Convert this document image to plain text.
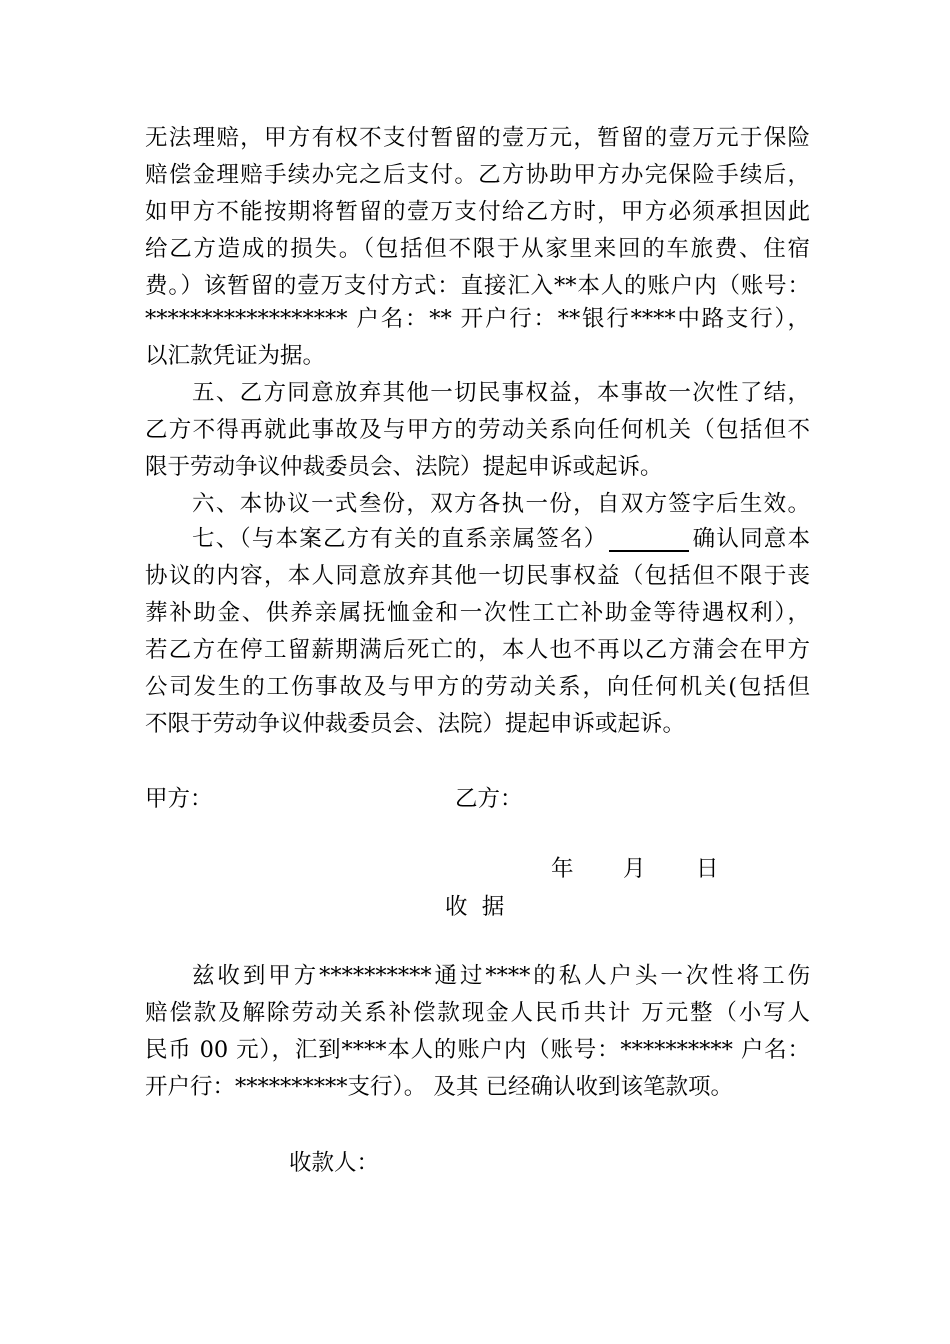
无法理赔，甲方有权不支付暂留的壹万元，暂留的壹万元于保险
赔偿金理赔手续办完之后支付。乙方协助甲方办完保险手续后，
如甲方不能按期将暂留的壹万支付给乙方时，甲方必须承担因此
给乙方造成的损失。（包括但不限于从家里来回的车旅费、住宿
费。）该暂留的壹万支付方式：直接汇入**本人的账户内（账号：
****************** 户名：** 开户行：**银行****中路支行），
以汇款凭证为据。
五、乙方同意放弃其他一切民事权益，本事故一次性了结，
乙方不得再就此事故及与甲方的劳动关系向任何机关（包括但不
限于劳动争议仲裁委员会、法院）提起申诉或起诉。
六、本协议一式叁份，双方各执一份，自双方签字后生效。
七、（与本案乙方有关的直系亲属签名）	确认同意本
协议的内容，本人同意放弃其他一切民事权益（包括但不限于丧
葬补助金、供养亲属抚恤金和一次性工亡补助金等待遇权利），
若乙方在停工留薪期满后死亡的，本人也不再以乙方蒲会在甲方
公司发生的工伤事故及与甲方的劳动关系，向任何机关(包括但
不限于劳动争议仲裁委员会、法院）提起申诉或起诉。
甲方：	乙方：
年 月 日
收  据
兹收到甲方**********通过****的私人户头一次性将工伤
赔偿款及解除劳动关系补偿款现金人民币共计 万元整（小写人
民币 00 元），汇到****本人的账户内（账号：********** 户名：
开户行：**********支行）。 及其 已经确认收到该笔款项。
收款人：
